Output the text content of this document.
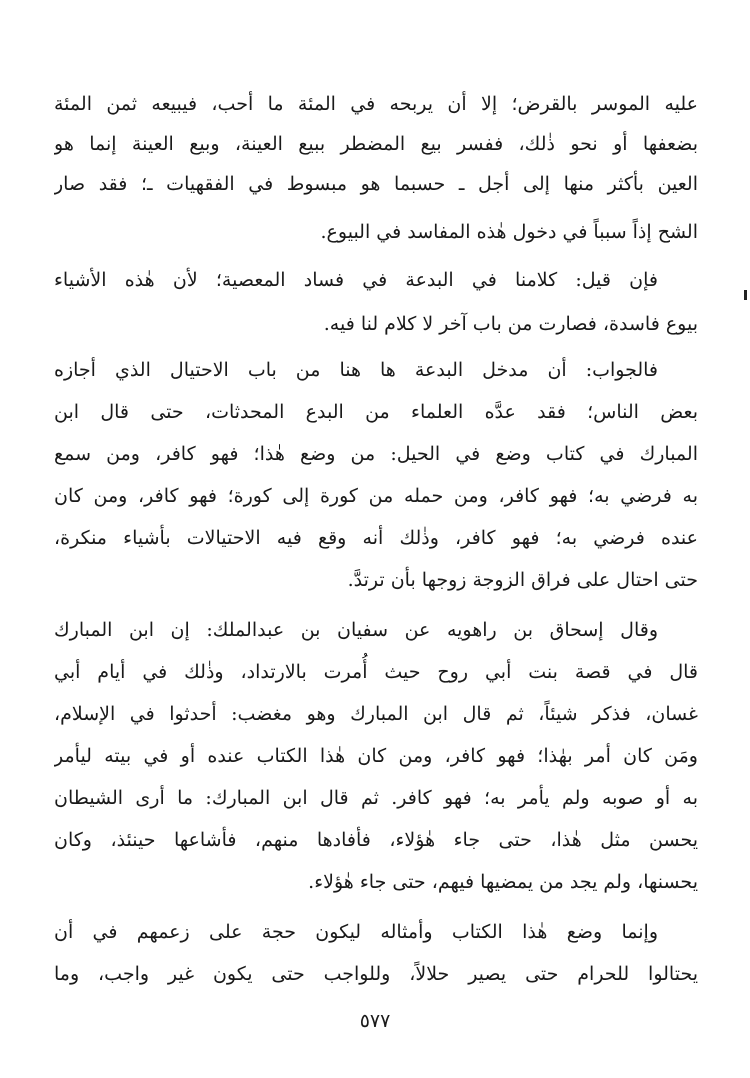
عليه الموسر بالقرض؛ إلا أن يربحه في المئة ما أحب، فيبيعه ثمن المئة
بضعفها أو نحو ذٰلك، ففسر بيع المضطر ببيع العينة، وبيع العينة إنما هو
العين بأكثر منها إلى أجل ـ حسبما هو مبسوط في الفقهيات ـ؛ فقد صار
الشح إذاً سبباً في دخول هٰذه المفاسد في البيوع.
فإن قيل: كلامنا في البدعة في فساد المعصية؛ لأن هٰذه الأشياء
بيوع فاسدة، فصارت من باب آخر لا كلام لنا فيه.
فالجواب: أن مدخل البدعة ها هنا من باب الاحتيال الذي أجازه
بعض الناس؛ فقد عدَّه العلماء من البدع المحدثات، حتى قال ابن
المبارك في كتاب وضع في الحيل: من وضع هٰذا؛ فهو كافر، ومن سمع
به فرضي به؛ فهو كافر، ومن حمله من كورة إلى كورة؛ فهو كافر، ومن كان
عنده فرضي به؛ فهو كافر، وذٰلك أنه وقع فيه الاحتيالات بأشياء منكرة،
حتى احتال على فراق الزوجة زوجها بأن ترتدَّ.
وقال إسحاق بن راهويه عن سفيان بن عبدالملك: إن ابن المبارك
قال في قصة بنت أبي روح حيث أُمرت بالارتداد، وذٰلك في أيام أبي
غسان، فذكر شيئاً، ثم قال ابن المبارك وهو مغضب: أحدثوا في الإسلام،
ومَن كان أمر بهٰذا؛ فهو كافر، ومن كان هٰذا الكتاب عنده أو في بيته ليأمر
به أو صوبه ولم يأمر به؛ فهو كافر. ثم قال ابن المبارك: ما أرى الشيطان
يحسن مثل هٰذا، حتى جاء هٰؤلاء، فأفادها منهم، فأشاعها حينئذ، وكان
يحسنها، ولم يجد من يمضيها فيهم، حتى جاء هٰؤلاء.
وإنما وضع هٰذا الكتاب وأمثاله ليكون حجة على زعمهم في أن
يحتالوا للحرام حتى يصير حلالاً، وللواجب حتى يكون غير واجب، وما
٥٧٧
